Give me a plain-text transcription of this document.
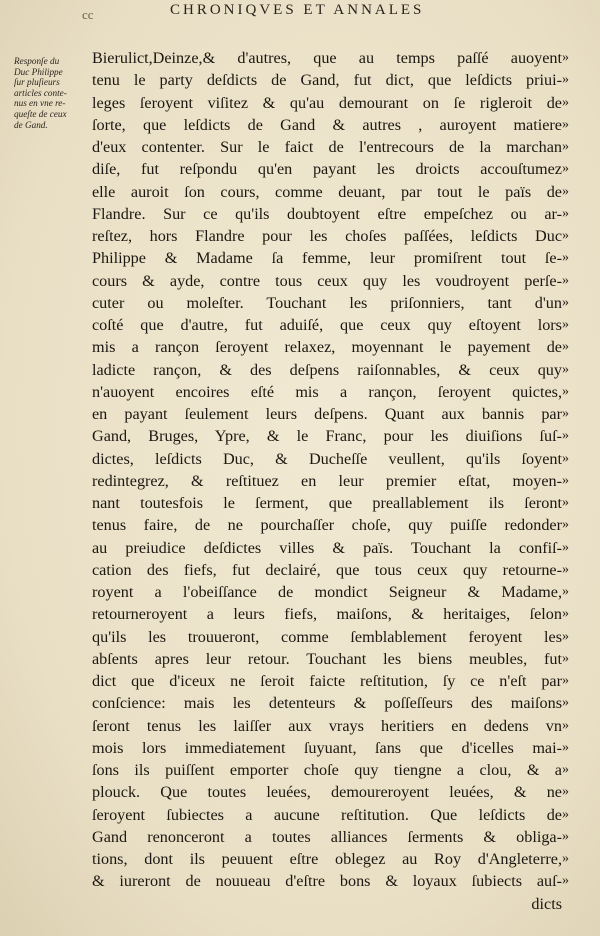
cc	CHRONIQVES ET ANNALES
Responſe du
Duc Philippe
ſur pluſieurs
articles conte-
nus en vne re-
queſte de ceux
de Gand.
Bierulict,Deinze,& d'autres, que au temps paſſé auoyent
tenu le party deſdicts de Gand, fut dict, que leſdicts priui-
leges ſeroyent viſitez & qu'au demourant on ſe rigleroit de
ſorte, que leſdicts de Gand & autres , auroyent matiere
d'eux contenter. Sur le faict de l'entrecours de la marchan
diſe, fut reſpondu qu'en payant les droicts accouſtumez
elle auroit ſon cours, comme deuant, par tout le païs de
Flandre. Sur ce qu'ils doubtoyent eſtre empeſchez ou ar-
reſtez, hors Flandre pour les choſes paſſées, leſdicts Duc
Philippe & Madame ſa femme, leur promiſrent tout ſe-
cours & ayde, contre tous ceux quy les voudroyent perſe-
cuter ou moleſter. Touchant les priſonniers, tant d'un
coſté que d'autre, fut aduiſé, que ceux quy eſtoyent lors
mis a rançon ſeroyent relaxez, moyennant le payement de
ladicte rançon, & des deſpens raiſonnables, & ceux quy
n'auoyent encoires eſté mis a rançon, ſeroyent quictes,
en payant ſeulement leurs deſpens. Quant aux bannis par
Gand, Bruges, Ypre, & le Franc, pour les diuiſions ſuſ-
dictes, leſdicts Duc, & Ducheſſe veullent, qu'ils ſoyent
redintegrez, & reſtituez en leur premier eſtat, moyen-
nant toutesfois le ſerment, que preallablement ils ſeront
tenus faire, de ne pourchaſſer choſe, quy puiſſe redonder
au preiudice deſdictes villes & païs. Touchant la confiſ-
cation des fiefs, fut declairé, que tous ceux quy retourne-
royent a l'obeiſſance de mondict Seigneur & Madame,
retourneroyent a leurs fiefs, maiſons, & heritaiges, ſelon
qu'ils les trouueront, comme ſemblablement feroyent les
abſents apres leur retour. Touchant les biens meubles, fut
dict que d'iceux ne ſeroit faicte reſtitution, ſy ce n'eſt par
conſcience: mais les detenteurs & poſſeſſeurs des maiſons
ſeront tenus les laiſſer aux vrays heritiers en dedens vn
mois lors immediatement ſuyuant, ſans que d'icelles mai-
ſons ils puiſſent emporter choſe quy tiengne a clou, & a
plouck. Que toutes leuées, demoureroyent leuées, & ne
ſeroyent ſubiectes a aucune reſtitution. Que leſdicts de
Gand renonceront a toutes alliances ſerments & obliga-
tions, dont ils peuuent eſtre oblegez au Roy d'Angleterre,
& iureront de nouueau d'eſtre bons & loyaux ſubiects auſ-
dicts
»
»
»
»
»
»
»
»
»
»
»
»
»
»
»
»
»
»
»
»
»
»
»
»
»
»
»
»
»
»
»
»
»
»
»
»
»
»
